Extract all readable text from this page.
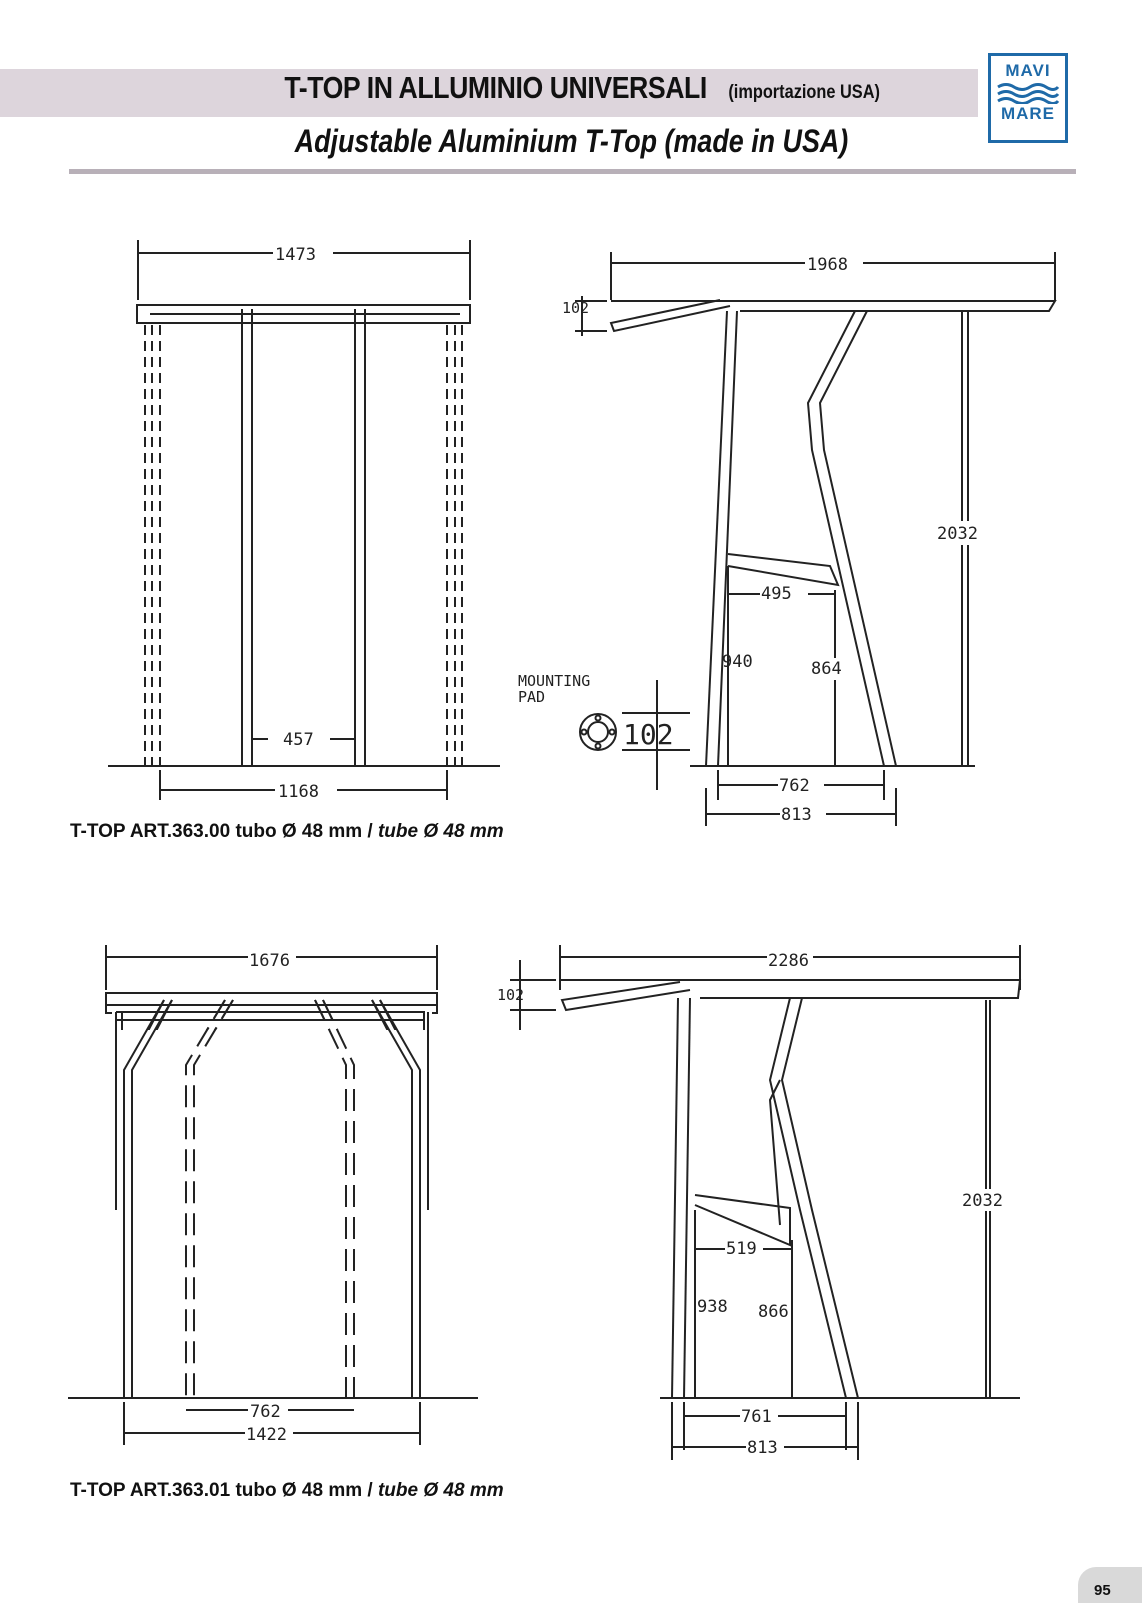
T-TOP IN ALLUMINIO UNIVERSALI (importazione USA)
Adjustable Aluminium T-Top (made in USA)
MAVI
MARE
1473
457
1168
1968
102
2032
495
940	864
762
813
MOUNTING
PAD
102
T-TOP ART.363.00 tubo Ø 48 mm / tube Ø 48 mm
1676
762
1422
2286
102
2032
519
938 866
761
813
T-TOP ART.363.01 tubo Ø 48 mm / tube Ø 48 mm
95
